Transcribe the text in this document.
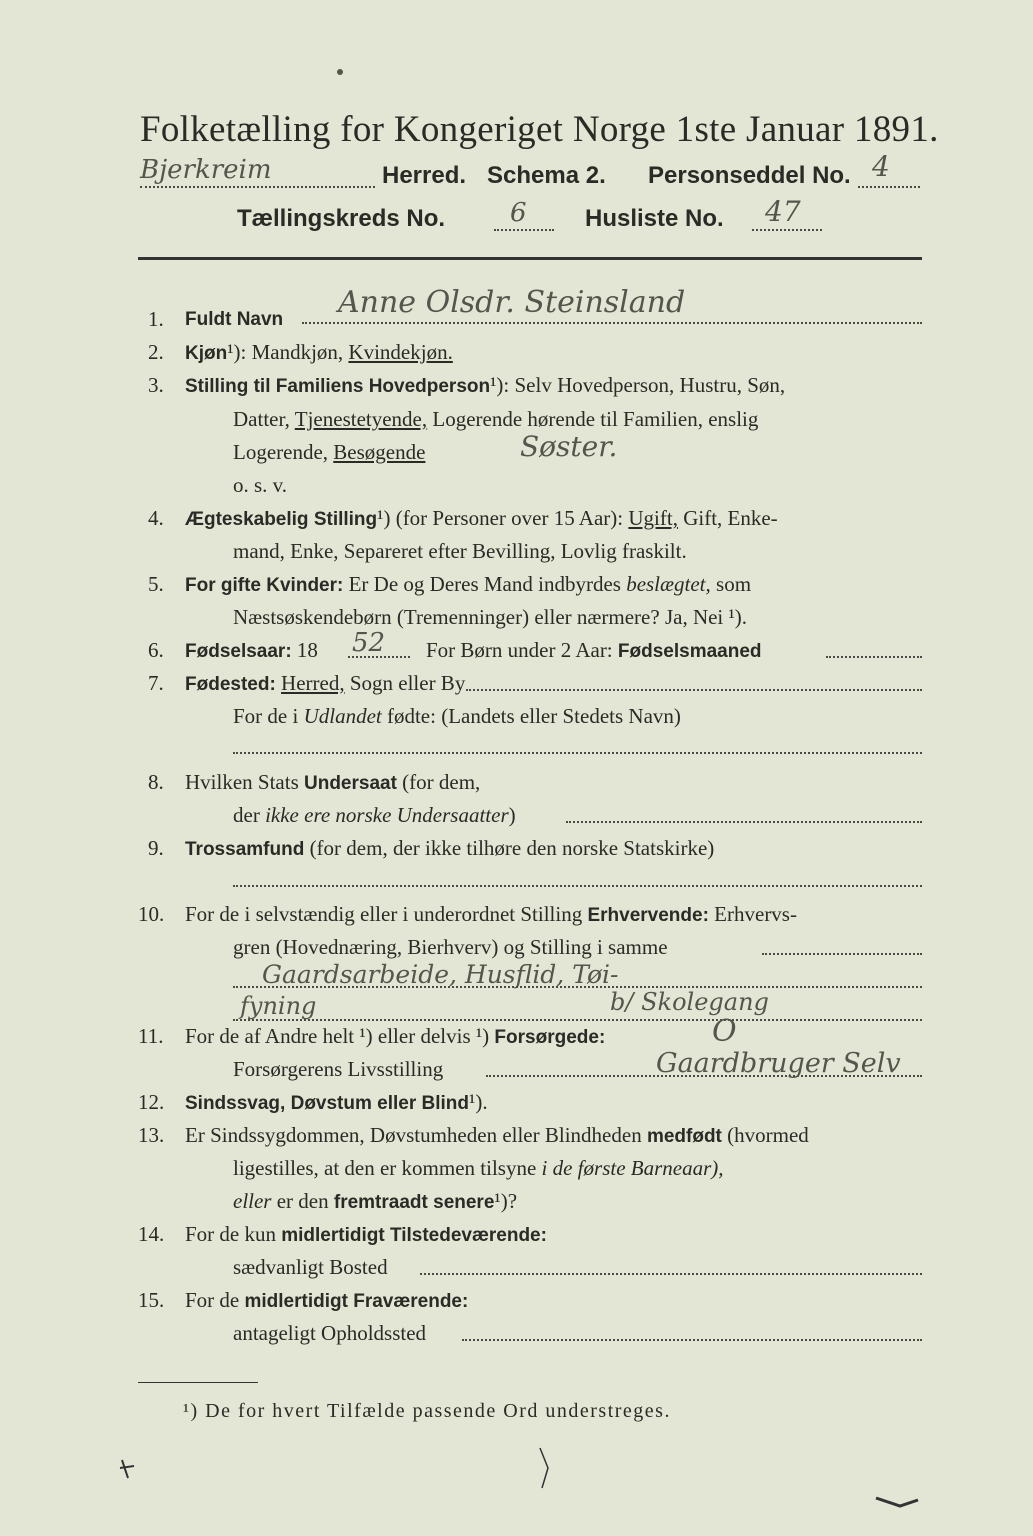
Folketælling for Kongeriget Norge 1ste Januar 1891.
Bjerkreim	Herred. Schema 2. Personseddel No. 4
Tællingskreds No. 6 Husliste No. 47
1. Fuldt Navn Anne Olsdr. Steinsland
2. Kjøn¹): Mandkjøn, Kvindekjøn.
3. Stilling til Familiens Hovedperson¹): Selv Hovedperson, Hustru, Søn,
Datter, Tjenestetyende, Logerende hørende til Familien, enslig
Logerende, Besøgende	Søster.
o. s. v.
4. Ægteskabelig Stilling¹) (for Personer over 15 Aar): Ugift, Gift, Enke-
mand, Enke, Separeret efter Bevilling, Lovlig fraskilt.
5. For gifte Kvinder: Er De og Deres Mand indbyrdes beslægtet, som
Næstsøskendebørn (Tremenninger) eller nærmere? Ja, Nei ¹).
6. Fødselsaar: 18 52 For Børn under 2 Aar: Fødselsmaaned
7. Fødested: Herred, Sogn eller By
For de i Udlandet fødte: (Landets eller Stedets Navn)
8. Hvilken Stats Undersaat (for dem,
der ikke ere norske Undersaatter)
9. Trossamfund (for dem, der ikke tilhøre den norske Statskirke)
10. For de i selvstændig eller i underordnet Stilling Erhvervende: Erhvervs-
gren (Hovednæring, Bierhverv) og Stilling i samme
Gaardsarbeide, Husflid, Tøi-
fyning	b/ Skolegang
11. For de af Andre helt ¹) eller delvis ¹) Forsørgede:	O
Forsørgerens Livsstilling	Gaardbruger Selv
12. Sindssvag, Døvstum eller Blind¹).
13. Er Sindssygdommen, Døvstumheden eller Blindheden medfødt (hvormed
ligestilles, at den er kommen tilsyne i de første Barneaar),
eller er den fremtraadt senere¹)?
14. For de kun midlertidigt Tilstedeværende:
sædvanligt Bosted
15. For de midlertidigt Fraværende:
antageligt Opholdssted
¹) De for hvert Tilfælde passende Ord understreges.
